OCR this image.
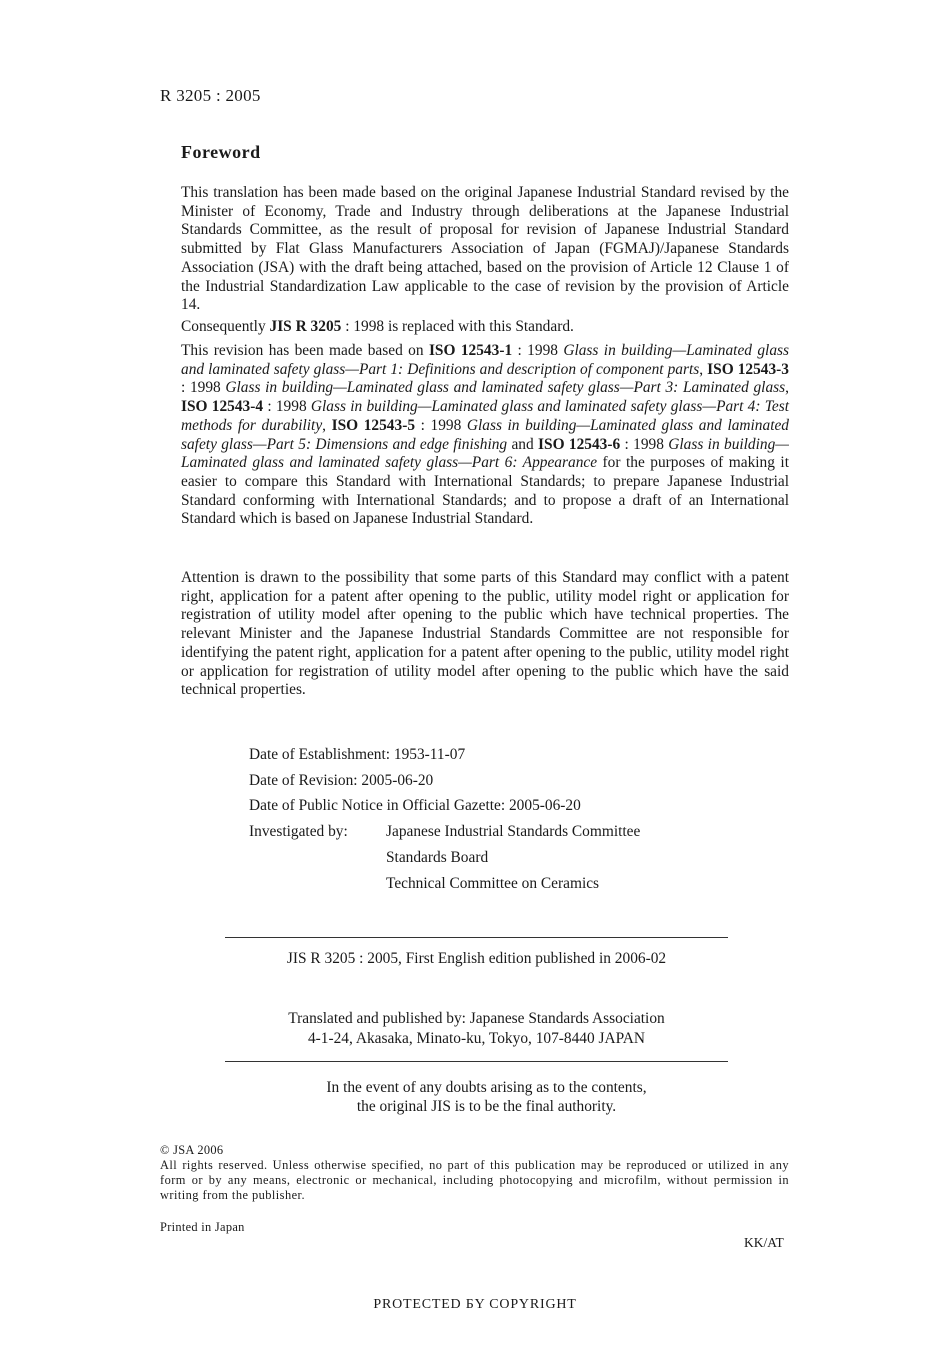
R 3205 : 2005
Foreword
This translation has been made based on the original Japanese Industrial Standard revised by the Minister of Economy, Trade and Industry through deliberations at the Japanese Industrial Standards Committee, as the result of proposal for revision of Japanese Industrial Standard submitted by Flat Glass Manufacturers Association of Japan (FGMAJ)/Japanese Standards Association (JSA) with the draft being attached, based on the provision of Article 12 Clause 1 of the Industrial Standardization Law applicable to the case of revision by the provision of Article 14.
Consequently JIS R 3205 : 1998 is replaced with this Standard.
This revision has been made based on ISO 12543-1 : 1998 Glass in building—Laminated glass and laminated safety glass—Part 1: Definitions and description of component parts, ISO 12543-3 : 1998 Glass in building—Laminated glass and laminated safety glass—Part 3: Laminated glass, ISO 12543-4 : 1998 Glass in building—Laminated glass and laminated safety glass—Part 4: Test methods for durability, ISO 12543-5 : 1998 Glass in building—Laminated glass and laminated safety glass—Part 5: Dimensions and edge finishing and ISO 12543-6 : 1998 Glass in building—Laminated glass and laminated safety glass—Part 6: Appearance for the purposes of making it easier to compare this Standard with International Standards; to prepare Japanese Industrial Standard conforming with International Standards; and to propose a draft of an International Standard which is based on Japanese Industrial Standard.
Attention is drawn to the possibility that some parts of this Standard may conflict with a patent right, application for a patent after opening to the public, utility model right or application for registration of utility model after opening to the public which have technical properties. The relevant Minister and the Japanese Industrial Standards Committee are not responsible for identifying the patent right, application for a patent after opening to the public, utility model right or application for registration of utility model after opening to the public which have the said technical properties.
Date of Establishment: 1953-11-07
Date of Revision: 2005-06-20
Date of Public Notice in Official Gazette: 2005-06-20
Investigated by: Japanese Industrial Standards Committee
Standards Board
Technical Committee on Ceramics
JIS R 3205 : 2005, First English edition published in 2006-02
Translated and published by: Japanese Standards Association
4-1-24, Akasaka, Minato-ku, Tokyo, 107-8440 JAPAN
In the event of any doubts arising as to the contents,
the original JIS is to be the final authority.
© JSA 2006
All rights reserved. Unless otherwise specified, no part of this publication may be reproduced or utilized in any form or by any means, electronic or mechanical, including photocopying and microfilm, without permission in writing from the publisher.
Printed in Japan
KK/AT
PROTECTED БY COPYRIGHT
